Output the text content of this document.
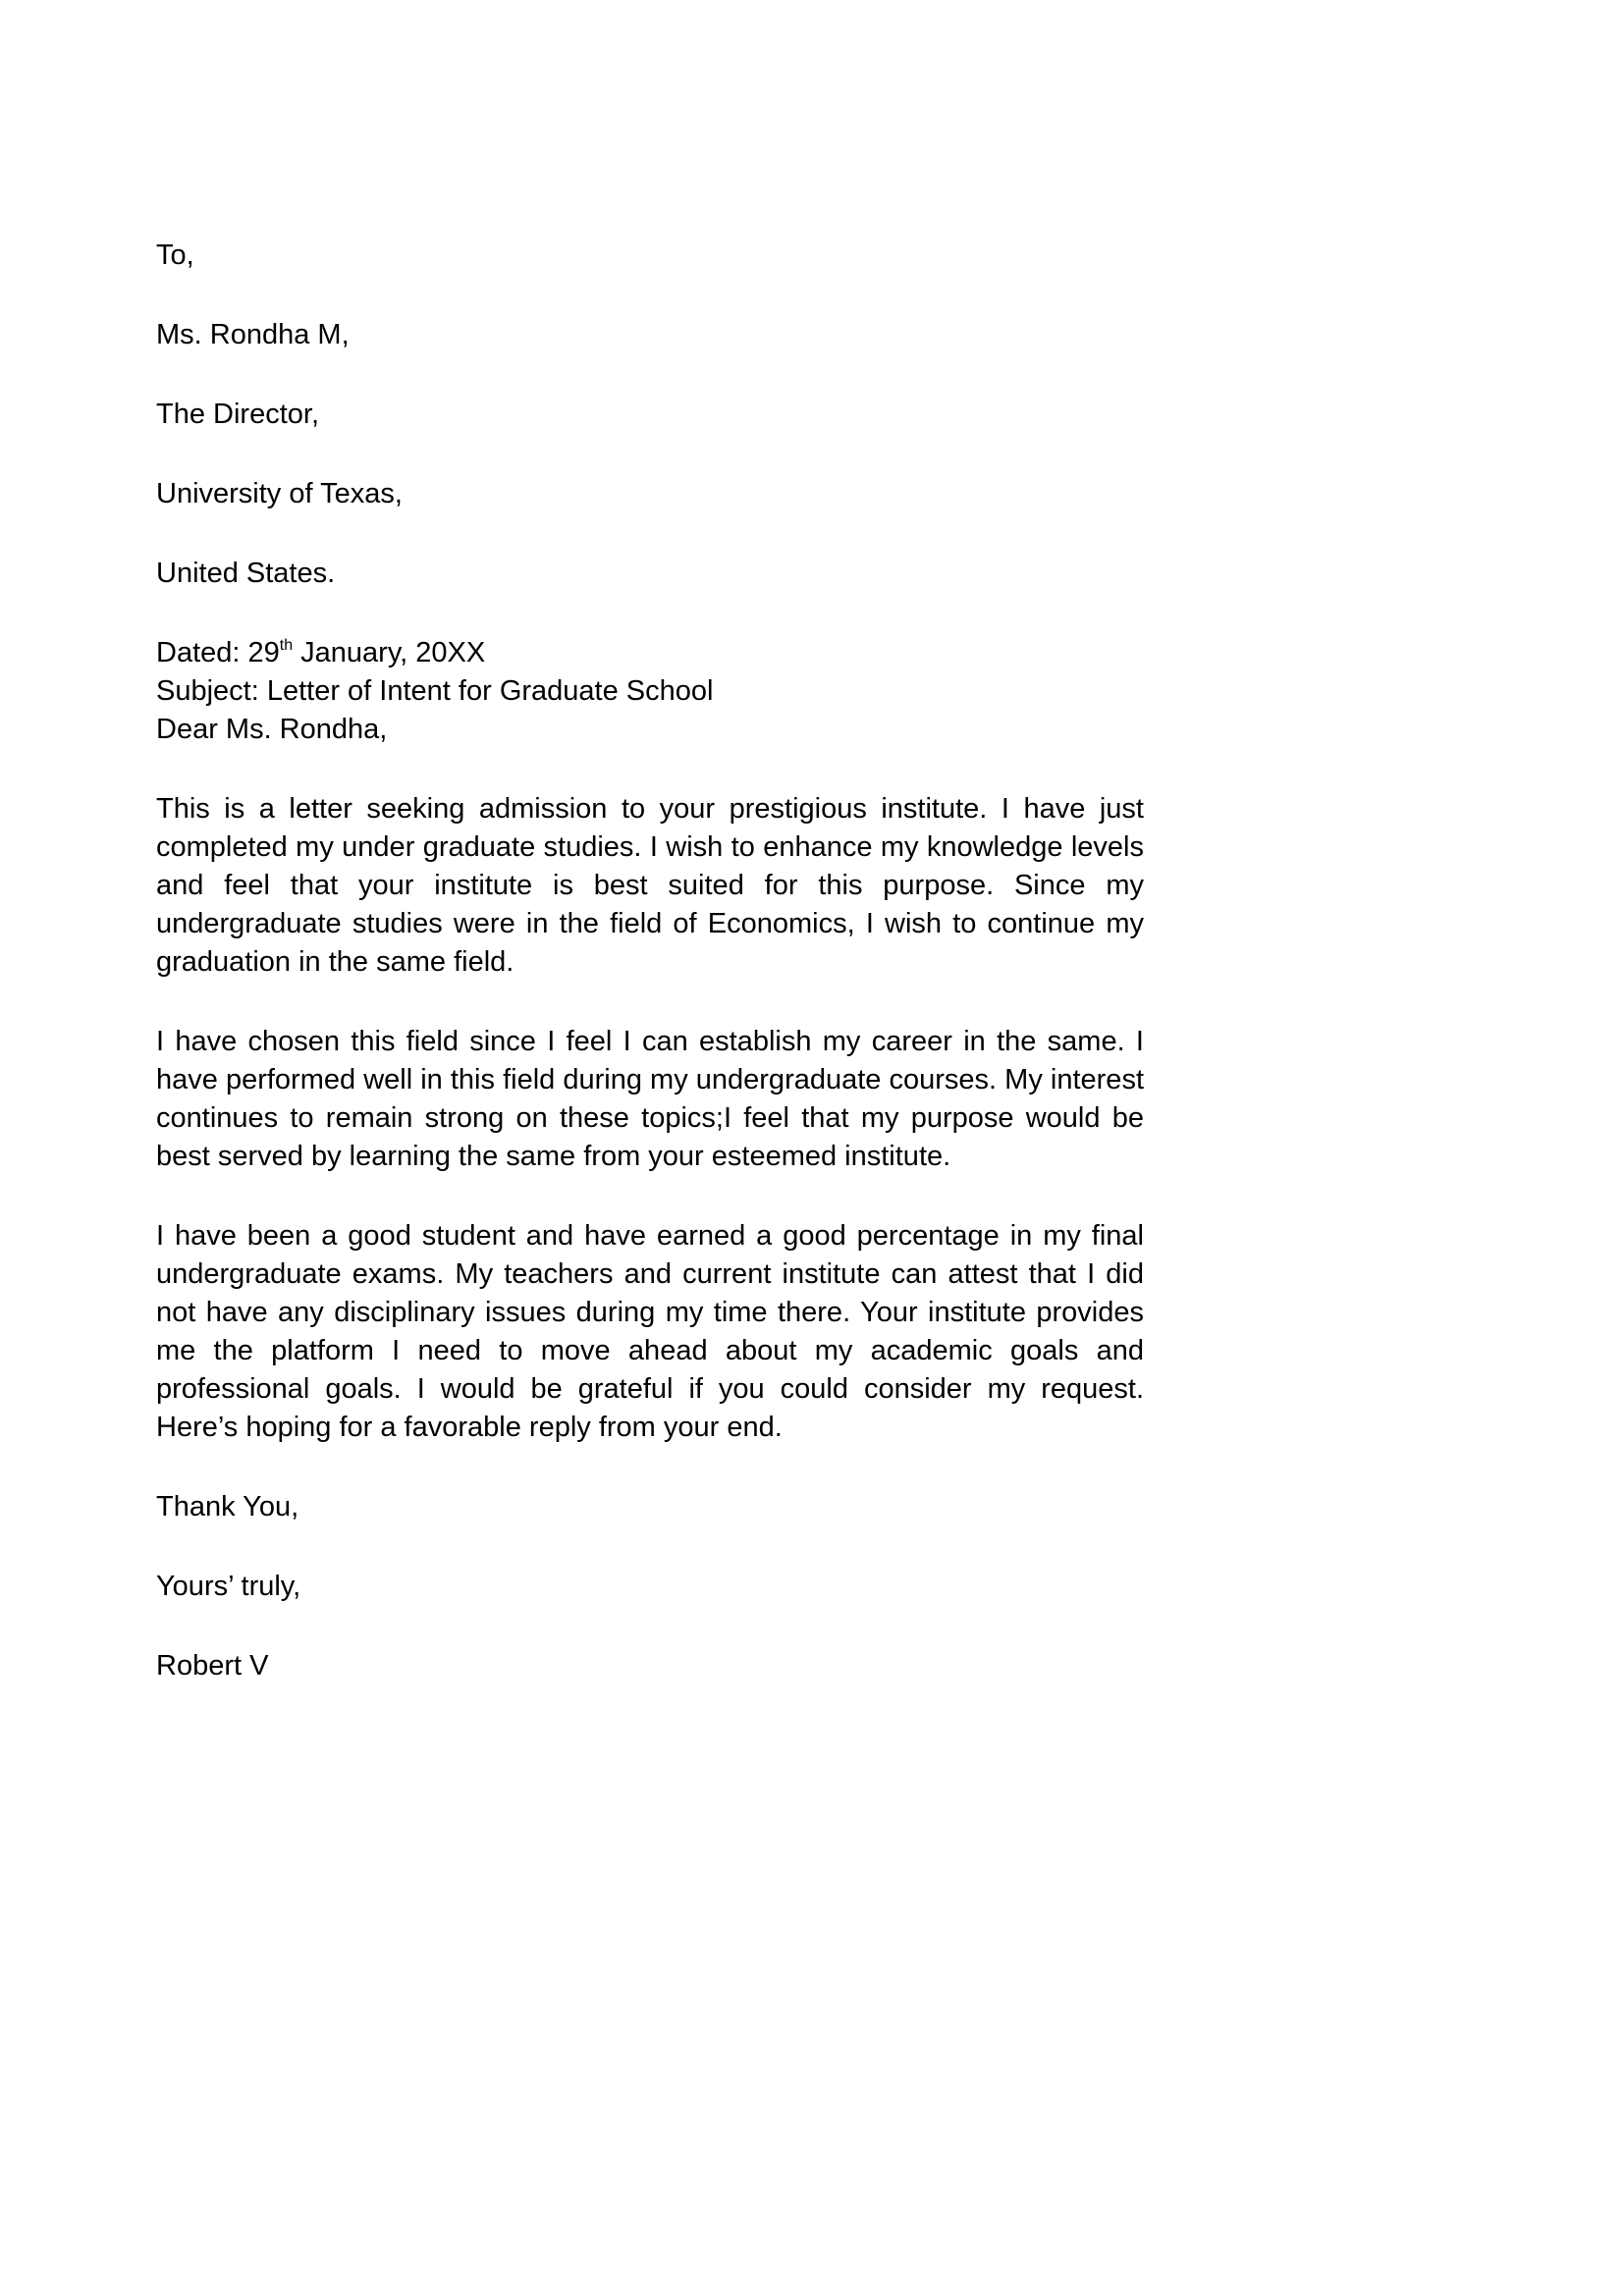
To,

Ms. Rondha M,

The Director,

University of Texas,

United States.

Dated: 29th January, 20XX

Subject: Letter of Intent for Graduate School

Dear Ms. Rondha,

This is a letter seeking admission to your prestigious institute. I have just completed my under graduate studies. I wish to enhance my knowledge levels and feel that your institute is best suited for this purpose. Since my undergraduate studies were in the field of Economics, I wish to continue my graduation in the same field.

I have chosen this field since I feel I can establish my career in the same. I have performed well in this field during my undergraduate courses. My interest continues to remain strong on these topics;I feel that my purpose would be best served by learning the same from your esteemed institute.

I have been a good student and have earned a good percentage in my final undergraduate exams. My teachers and current institute can attest that I did not have any disciplinary issues during my time there. Your institute provides me the platform I need to move ahead about my academic goals and professional goals. I would be grateful if you could consider my request. Here’s hoping for a favorable reply from your end.

Thank You,

Yours’ truly,

Robert V
